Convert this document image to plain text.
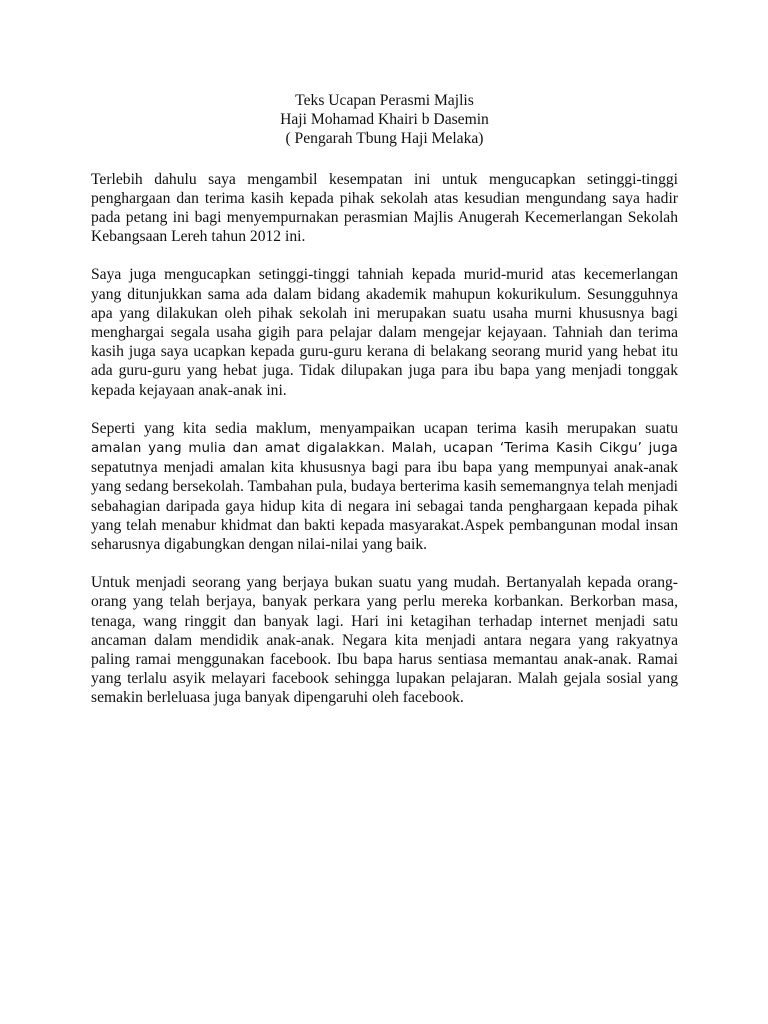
Teks Ucapan Perasmi Majlis
Haji Mohamad Khairi b Dasemin
( Pengarah Tbung Haji Melaka)

Terlebih dahulu saya mengambil kesempatan ini untuk mengucapkan setinggi-tinggi penghargaan dan terima kasih kepada pihak sekolah atas kesudian mengundang saya hadir pada petang ini bagi menyempurnakan perasmian Majlis Anugerah Kecemerlangan Sekolah Kebangsaan Lereh tahun 2012 ini.

Saya juga mengucapkan setinggi-tinggi tahniah kepada murid-murid atas kecemerlangan yang ditunjukkan sama ada dalam bidang akademik mahupun kokurikulum. Sesungguhnya apa yang dilakukan oleh pihak sekolah ini merupakan suatu usaha murni khususnya bagi menghargai segala usaha gigih para pelajar dalam mengejar kejayaan. Tahniah dan terima kasih juga saya ucapkan kepada guru-guru kerana di belakang seorang murid yang hebat itu ada guru-guru yang hebat juga. Tidak dilupakan juga para ibu bapa yang menjadi tonggak kepada kejayaan anak-anak ini.

Seperti yang kita sedia maklum, menyampaikan ucapan terima kasih merupakan suatu amalan yang mulia dan amat digalakkan. Malah, ucapan ‘Terima Kasih Cikgu’ juga sepatutnya menjadi amalan kita khususnya bagi para ibu bapa yang mempunyai anak-anak yang sedang bersekolah. Tambahan pula, budaya berterima kasih sememangnya telah menjadi sebahagian daripada gaya hidup kita di negara ini sebagai tanda penghargaan kepada pihak yang telah menabur khidmat dan bakti kepada masyarakat.Aspek pembangunan modal insan seharusnya digabungkan dengan nilai-nilai yang baik.

Untuk menjadi seorang yang berjaya bukan suatu yang mudah. Bertanyalah kepada orang-orang yang telah berjaya, banyak perkara yang perlu mereka korbankan. Berkorban masa, tenaga, wang ringgit dan banyak lagi. Hari ini ketagihan terhadap internet menjadi satu ancaman dalam mendidik anak-anak. Negara kita menjadi antara negara yang rakyatnya paling ramai menggunakan facebook. Ibu bapa harus sentiasa memantau anak-anak. Ramai yang terlalu asyik melayari facebook sehingga lupakan pelajaran. Malah gejala sosial yang semakin berleluasa juga banyak dipengaruhi oleh facebook.
